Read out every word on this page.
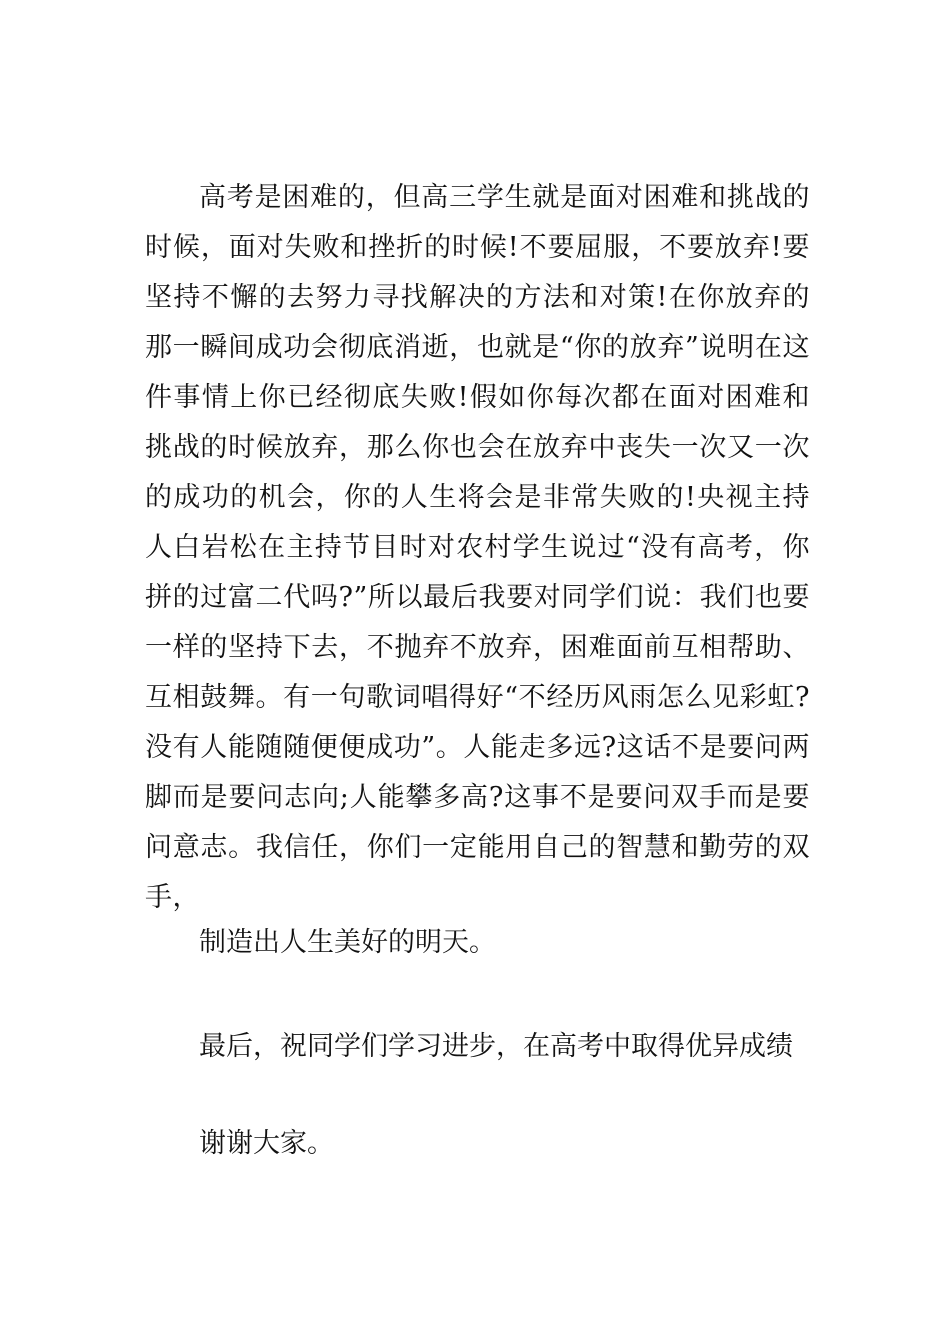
高考是困难的，但高三学生就是面对困难和挑战的时候，面对失败和挫折的时候!不要屈服，不要放弃!要坚持不懈的去努力寻找解决的方法和对策!在你放弃的那一瞬间成功会彻底消逝，也就是“你的放弃”说明在这件事情上你已经彻底失败!假如你每次都在面对困难和挑战的时候放弃，那么你也会在放弃中丧失一次又一次的成功的机会，你的人生将会是非常失败的!央视主持人白岩松在主持节目时对农村学生说过“没有高考，你拼的过富二代吗?”所以最后我要对同学们说：我们也要一样的坚持下去，不抛弃不放弃，困难面前互相帮助、互相鼓舞。有一句歌词唱得好“不经历风雨怎么见彩虹?没有人能随随便便成功”。人能走多远?这话不是要问两脚而是要问志向;人能攀多高?这事不是要问双手而是要问意志。我信任，你们一定能用自己的智慧和勤劳的双手，

制造出人生美好的明天。

最后，祝同学们学习进步，在高考中取得优异成绩

谢谢大家。
